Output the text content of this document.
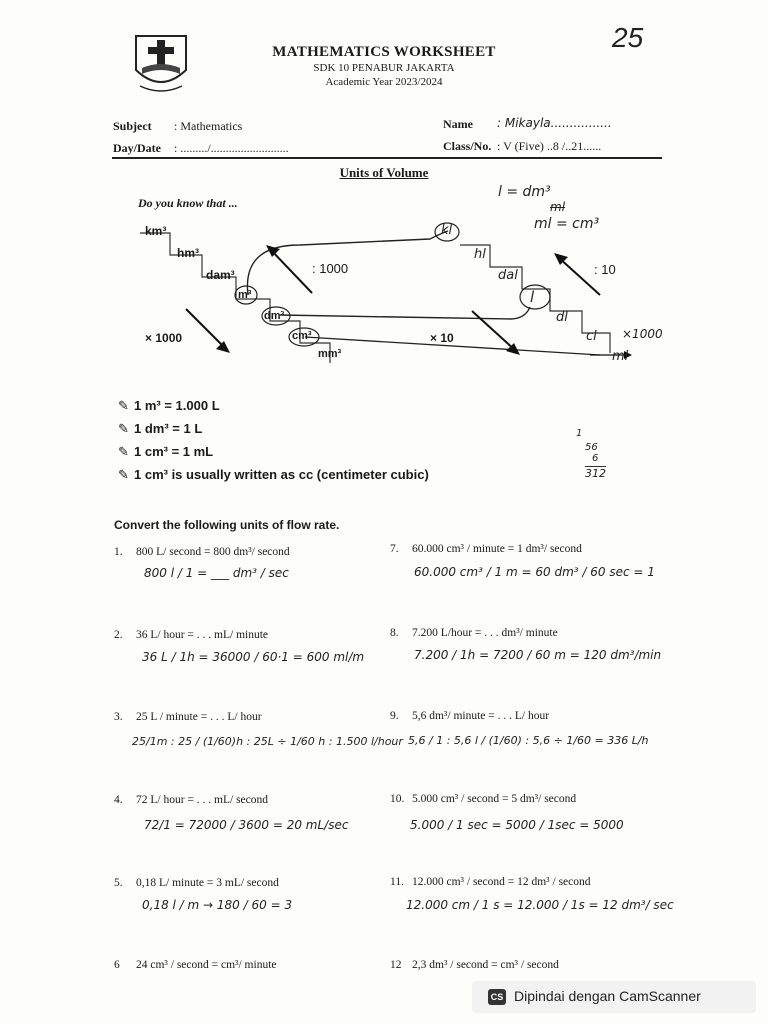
25
MATHEMATICS WORKSHEET
SDK 10 PENABUR JAKARTA
Academic Year 2023/2024
Subject : Mathematics
Day/Date : ........./..........................
Name : Mikayla................
Class/No. : V (Five) ..8 /..21......
Units of Volume
Do you know that ...
km³
hm³
dam³
m³
dm³
cm³
mm³
kl
hl
dal
l
dl
cl
ml
: 1000	: 10
× 1000	× 10
l = dm³
ml
ml = cm³
×1000
✎ 1 m³ = 1.000 L
✎ 1 dm³ = 1 L
✎ 1 cm³ = 1 mL
✎ 1 cm³ is usually written as cc (centimeter cubic)
1
56
6
312
Convert the following units of flow rate.
1. 800 L/ second = 800 dm³/ second
800 l / 1 = ___ dm³ / sec
2. 36 L/ hour = . . . mL/ minute
36 L / 1h = 36000 / 60·1 = 600 ml/m
3. 25 L / minute = . . . L/ hour
25/1m : 25 / (1/60)h : 25L ÷ 1/60 h : 1.500 l/hour
4. 72 L/ hour = . . . mL/ second
72/1 = 72000 / 3600 = 20 mL/sec
5. 0,18 L/ minute = 3 mL/ second
0,18 l / m → 180 / 60 = 3
6 24 cm³ / second = cm³/ minute
7. 60.000 cm³ / minute = 1 dm³/ second
60.000 cm³ / 1 m = 60 dm³ / 60 sec = 1
8. 7.200 L/hour = . . . dm³/ minute
7.200 / 1h = 7200 / 60 m = 120 dm³/min
9. 5,6 dm³/ minute = . . . L/ hour
5,6 / 1 : 5,6 l / (1/60) : 5,6 ÷ 1/60 = 336 L/h
10. 5.000 cm³ / second = 5 dm³/ second
5.000 / 1 sec = 5000 / 1sec = 5000
11. 12.000 cm³ / second = 12 dm³ / second
12.000 cm / 1 s = 12.000 / 1s = 12 dm³/ sec
12 2,3 dm³ / second = cm³ / second
CS Dipindai dengan CamScanner
